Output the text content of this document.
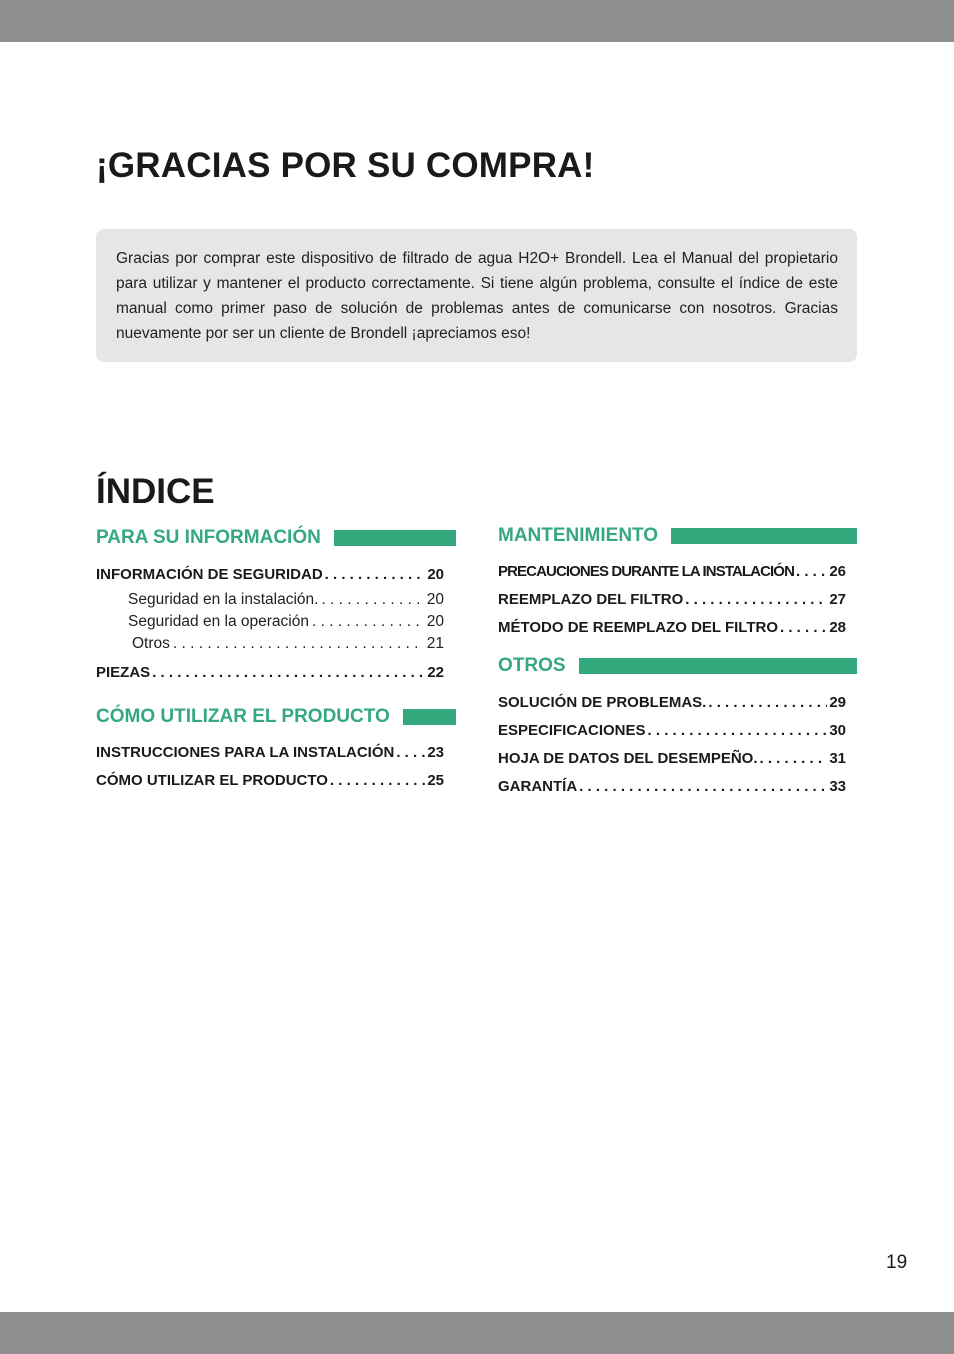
¡GRACIAS POR SU COMPRA!

Gracias por comprar este dispositivo de filtrado de agua H2O+ Brondell. Lea el Manual del propietario para utilizar y mantener el producto correctamente. Si tiene algún problema, consulte el índice de este manual como primer paso de solución de problemas antes de comunicarse con nosotros. Gracias nuevamente por ser un cliente de Brondell ¡apreciamos eso!

ÍNDICE
PARA SU INFORMACIÓN
INFORMACIÓN DE SEGURIDAD . . .	20
Seguridad en la instalación. . . .	20
Seguridad en la operación . . .	20
Otros . . .	21
PIEZAS . . .	22
CÓMO UTILIZAR EL PRODUCTO
INSTRUCCIONES PARA LA INSTALACIÓN . . . 23
CÓMO UTILIZAR EL PRODUCTO . . .	25
MANTENIMIENTO
PRECAUCIONES DURANTE LA INSTALACIÓN . . . 26
REEMPLAZO DEL FILTRO . . .	27
MÉTODO DE REEMPLAZO DEL FILTRO . . .	28
OTROS
SOLUCIÓN DE PROBLEMAS. . . .	29
ESPECIFICACIONES . . .	30
HOJA DE DATOS DEL DESEMPEÑO. . . .	31
GARANTÍA . . .	33
19
